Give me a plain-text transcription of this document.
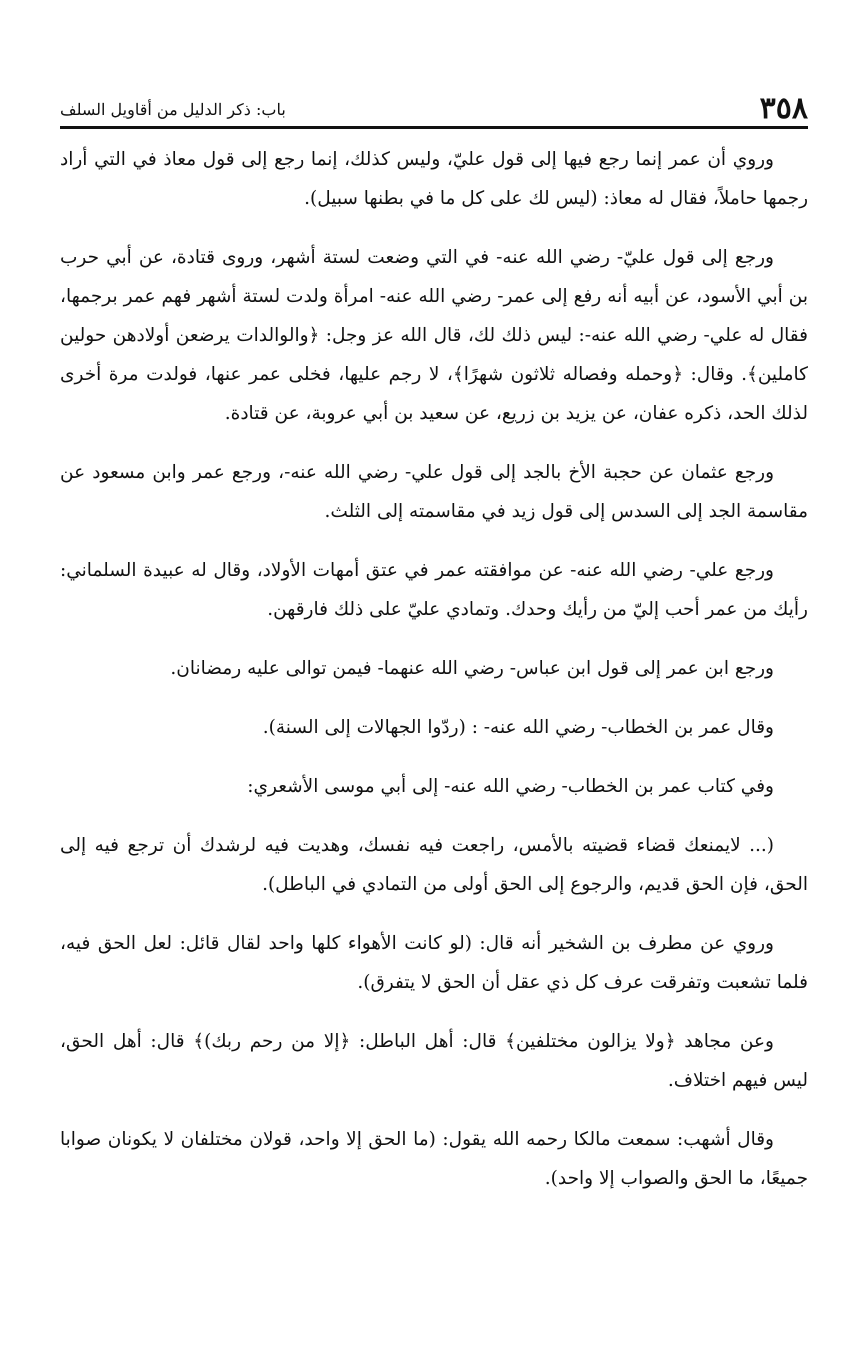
٣٥٨
باب: ذكر الدليل من أقاويل السلف

وروي أن عمر إنما رجع فيها إلى قول عليّ، وليس كذلك، إنما رجع إلى قول معاذ في التي أراد رجمها حاملاً، فقال له معاذ: (ليس لك على كل ما في بطنها سبيل).

ورجع إلى قول عليّ- رضي الله عنه- في التي وضعت لستة أشهر، وروى قتادة، عن أبي حرب بن أبي الأسود، عن أبيه أنه رفع إلى عمر- رضي الله عنه- امرأة ولدت لستة أشهر فهم عمر برجمها، فقال له علي- رضي الله عنه-: ليس ذلك لك، قال الله عز وجل: ﴿والوالدات يرضعن أولادهن حولين كاملين﴾. وقال: ﴿وحمله وفصاله ثلاثون شهرًا﴾، لا رجم عليها، فخلى عمر عنها، فولدت مرة أخرى لذلك الحد، ذكره عفان، عن يزيد بن زريع، عن سعيد بن أبي عروبة، عن قتادة.

ورجع عثمان عن حجبة الأخ بالجد إلى قول علي- رضي الله عنه-، ورجع عمر وابن مسعود عن مقاسمة الجد إلى السدس إلى قول زيد في مقاسمته إلى الثلث.

ورجع علي- رضي الله عنه- عن موافقته عمر في عتق أمهات الأولاد، وقال له عبيدة السلماني: رأيك من عمر أحب إليّ من رأيك وحدك. وتمادي عليّ على ذلك فارقهن.

ورجع ابن عمر إلى قول ابن عباس- رضي الله عنهما- فيمن توالى عليه رمضانان.

وقال عمر بن الخطاب- رضي الله عنه- : (ردّوا الجهالات إلى السنة).

وفي كتاب عمر بن الخطاب- رضي الله عنه- إلى أبي موسى الأشعري:

(... لايمنعك قضاء قضيته بالأمس، راجعت فيه نفسك، وهديت فيه لرشدك أن ترجع فيه إلى الحق، فإن الحق قديم، والرجوع إلى الحق أولى من التمادي في الباطل).

وروي عن مطرف بن الشخير أنه قال: (لو كانت الأهواء كلها واحد لقال قائل: لعل الحق فيه، فلما تشعبت وتفرقت عرف كل ذي عقل أن الحق لا يتفرق).

وعن مجاهد ﴿ولا يزالون مختلفين﴾ قال: أهل الباطل: ﴿إلا من رحم ربك)﴾ قال: أهل الحق، ليس فيهم اختلاف.

وقال أشهب: سمعت مالكا رحمه الله يقول: (ما الحق إلا واحد، قولان مختلفان لا يكونان صوابا جميعًا، ما الحق والصواب إلا واحد).
